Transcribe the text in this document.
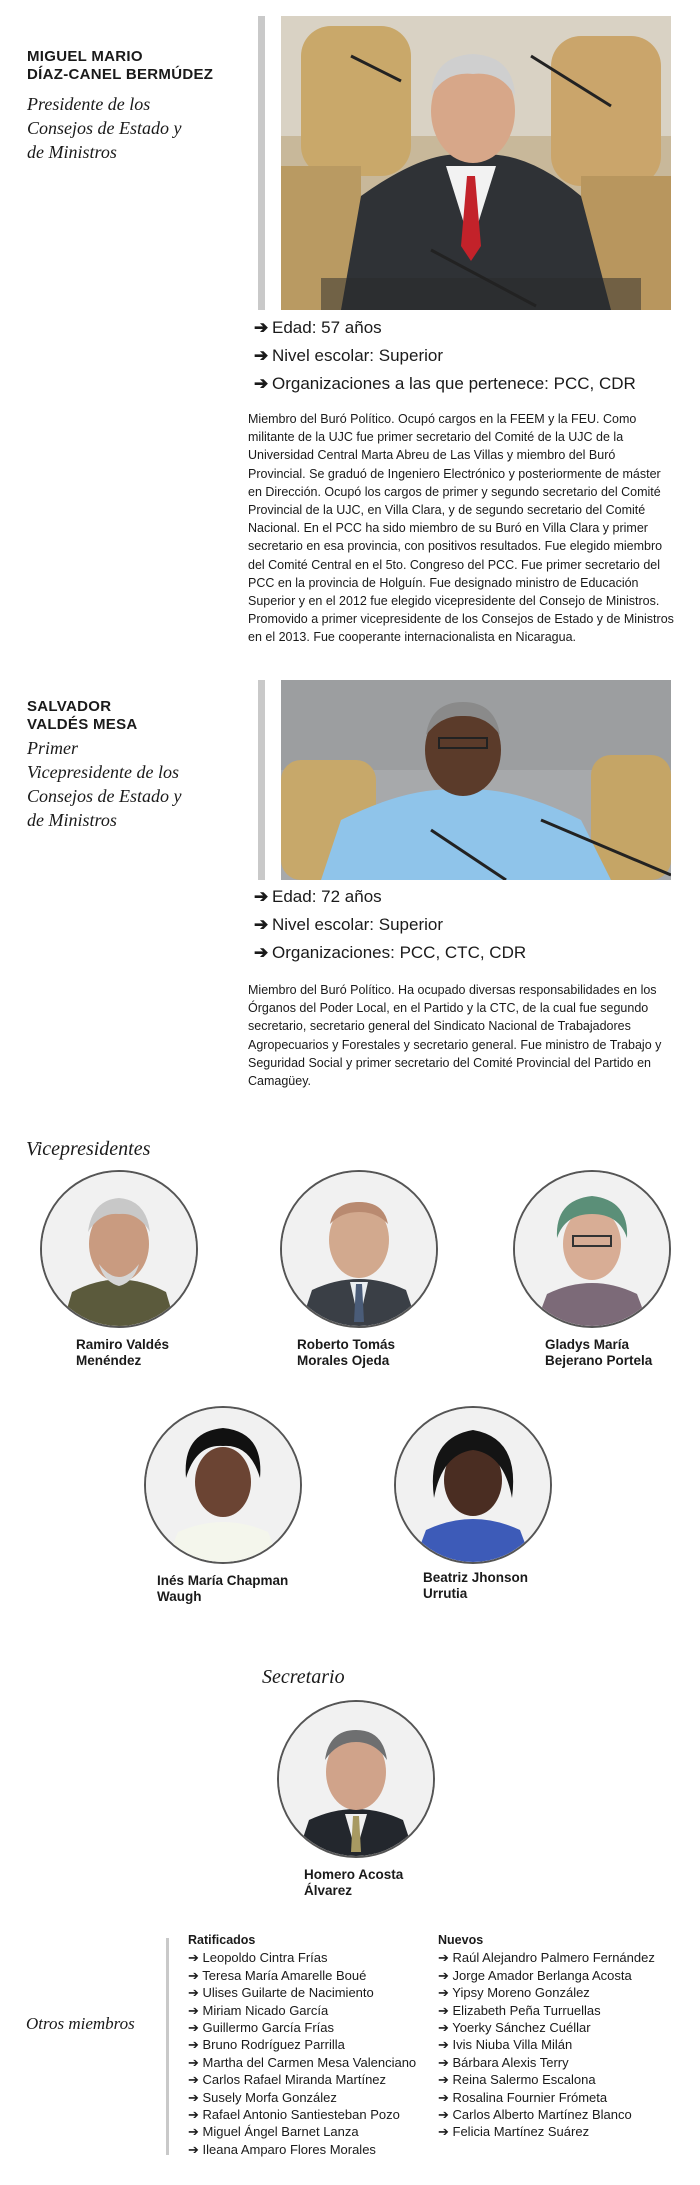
MIGUEL MARIO
DÍAZ-CANEL BERMÚDEZ
Presidente de los
Consejos de Estado y
de Ministros
➔ Edad: 57 años
➔ Nivel escolar: Superior
➔ Organizaciones a las que pertenece: PCC, CDR
Miembro del Buró Político. Ocupó cargos en la FEEM y la FEU. Como militante de la UJC fue primer secretario del Comité de la UJC de la Universidad Central Marta Abreu de Las Villas y miembro del Buró Provincial. Se graduó de Ingeniero Electrónico y posteriormente de máster en Dirección. Ocupó los cargos de primer y segundo secretario del Comité Provincial de la UJC, en Villa Clara, y de segundo secretario del Comité Nacional. En el PCC ha sido miembro de su Buró en Villa Clara y primer secretario en esa provincia, con positivos resultados. Fue elegido miembro del Comité Central en el 5to. Congreso del PCC. Fue primer secretario del PCC en la provincia de Holguín. Fue designado ministro de Educación Superior y en el 2012 fue elegido vicepresidente del Consejo de Ministros. Promovido a primer vicepresidente de los Consejos de Estado y de Ministros en el 2013. Fue cooperante internacionalista en Nicaragua.
SALVADOR
VALDÉS MESA
Primer
Vicepresidente de los
Consejos de Estado y
de Ministros
➔ Edad: 72 años
➔ Nivel escolar: Superior
➔ Organizaciones: PCC, CTC, CDR
Miembro del Buró Político. Ha ocupado diversas responsabilidades en los Órganos del Poder Local, en el Partido y la CTC, de la cual fue segundo secretario, secretario general del Sindicato Nacional de Trabajadores Agropecuarios y Forestales y secretario general. Fue ministro de Trabajo y Seguridad Social y primer secretario del Comité Provincial del Partido en Camagüey.
Vicepresidentes
Ramiro Valdés
Menéndez
Roberto Tomás
Morales Ojeda
Gladys María
Bejerano Portela
Inés María Chapman
Waugh
Beatriz Jhonson
Urrutia
Secretario
Homero Acosta
Álvarez
Otros miembros
Ratificados
➔ Leopoldo Cintra Frías
➔ Teresa María Amarelle Boué
➔ Ulises Guilarte de Nacimiento
➔ Miriam Nicado García
➔ Guillermo García Frías
➔ Bruno Rodríguez Parrilla
➔ Martha del Carmen Mesa Valenciano
➔ Carlos Rafael Miranda Martínez
➔ Susely Morfa González
➔ Rafael Antonio Santiesteban Pozo
➔ Miguel Ángel Barnet Lanza
➔ Ileana Amparo Flores Morales
Nuevos
➔ Raúl Alejandro Palmero Fernández
➔ Jorge Amador Berlanga Acosta
➔ Yipsy Moreno González
➔ Elizabeth Peña Turruellas
➔ Yoerky Sánchez Cuéllar
➔ Ivis Niuba Villa Milán
➔ Bárbara Alexis Terry
➔ Reina Salermo Escalona
➔ Rosalina Fournier Frómeta
➔ Carlos Alberto Martínez Blanco
➔ Felicia Martínez Suárez
